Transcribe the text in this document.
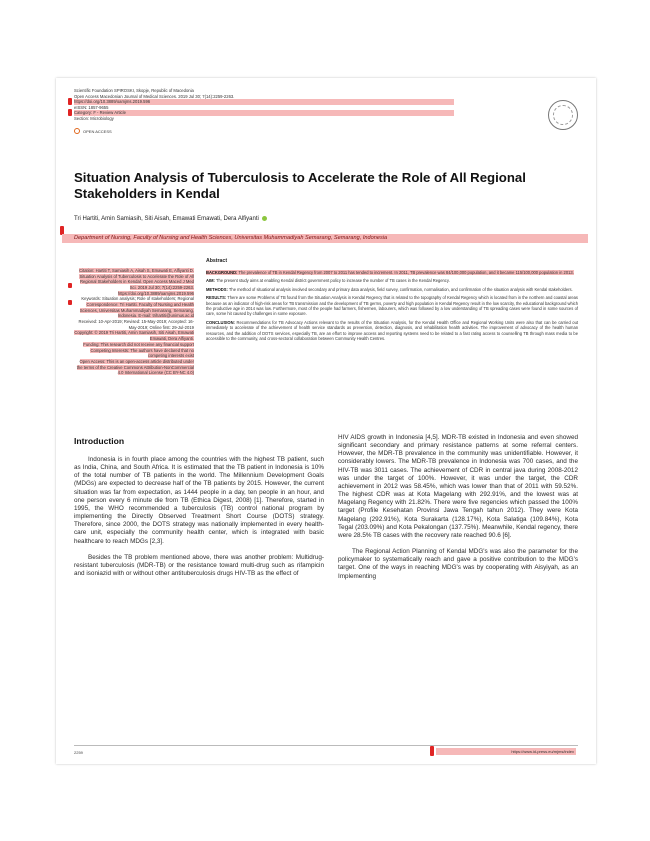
Scientific Foundation SPIROSKI, Skopje, Republic of Macedonia
Open Access Macedonian Journal of Medical Sciences. 2019 Jul 30; 7(14):2259-2263.
https://doi.org/10.3889/oamjms.2019.596
eISSN: 1857-9655
Category: F - Review Article
Section: Microbiology
OPEN ACCESS
Situation Analysis of Tuberculosis to Accelerate the Role of All Regional Stakeholders in Kendal
Tri Hartiti, Amin Samiasih, Siti Aisah, Emawati Emawati, Dera Alfiyanti
Department of Nursing, Faculty of Nursing and Health Sciences, Universitas Muhammadiyah Semarang, Semarang, Indonesia
Citation: Hartiti T, Samiasih A, Aisah S, Emawati E, Alfiyanti D. Situation Analysis of Tuberculosis to Accelerate the Role of All Regional Stakeholders in Kendal. Open Access Maced J Med Sci. 2019 Jul 30; 7(14):2259-2263.
https://doi.org/10.3889/oamjms.2019.596
Keywords: Situation analysis; Role of stakeholders; Regional
Correspondence: Tri Hartiti. Faculty of Nursing and Health Sciences, Universitas Muhammadiyah Semarang, Semarang, Indonesia. E-mail: trihartiti@unimus.ac.id
Received: 10-Apr-2019; Revised: 15-May-2019; Accepted: 16-May-2019; Online first: 29-Jul-2019
Copyright: © 2019 Tri Hartiti, Amin Samiasih, Siti Aisah, Emawati Emawati, Dera Alfiyanti.
Funding: This research did not receive any financial support
Competing Interests: The authors have declared that no competing interests exist
Open Access: This is an open-access article distributed under the terms of the Creative Commons Attribution-NonCommercial 4.0 International License (CC BY-NC 4.0)
Abstract
BACKGROUND: The prevalence of TB in Kendal Regency from 2007 to 2011 has tended to increment. In 2011, TB prevalence was 84/100,000 population, and it became 115/100,000 population in 2013.
AIM: The present study aims at enabling Kendal district government policy to increase the number of TB cases in the Kendal Regency.
METHODS: The method of situational analysis involved secondary and primary data analysis, field survey, confirmation, normalisation, and confirmation of the situation analysis with Kendal stakeholders.
RESULTS: There are some Problems of TB found from the Situation Analysis in Kendal Regency that is related to the topography of Kendal Regency which is located from in the northern and coastal areas because as an indicator of high-risk areas for TB transmission and the development of TB germs, poverty and high population in Kendal Regency result in the low scarcity, the educational background which the productive age in 2014 was low. Furthermore, most of the people had farmers, fishermen, labourers, which was followed by a low understanding of TB spreading cases were found in some sources of care, some hit caused by challenges in some exposure.
CONCLUSION: Recommendations for TB Advocacy Actions relevant to the results of the Situation Analysis, for the Kendal Health Office and Regional Working Units were also that can be carried out immediately to accelerate of the achievement of health service standards as prevention, detection, diagnosis, and rehabilitation health activities. The improvement of advocacy of the health human resources, and the addition of DOTS services, especially TB, are an effort to improve access and reporting systems need to be related to a fast rating access to counselling TB through mass media to be accessible to the community, and cross-sectoral collaboration between Community Health Centres.
Introduction

Indonesia is in fourth place among the countries with the highest TB patient, such as India, China, and South Africa. It is estimated that the TB patient in Indonesia is 10% of the total number of TB patients in the world. The Millennium Development Goals (MDGs) are expected to decrease half of the TB patients by 2015. However, the current situation was far from expectation, as 1444 people in a day, ten people in an hour, and one person every 6 minute die from TB (Ethica Digest, 2008) [1]. Therefore, started in 1995, the WHO recommended a tuberculosis (TB) control national program by implementing the Directly Observed Treatment Short Course (DOTS) strategy. Therefore, since 2000, the DOTS strategy was nationally implemented in every health-care unit, especially the community health center, which is integrated with basic healthcare to reach MDGs [2,3].

Besides the TB problem mentioned above, there was another problem: Multidrug-resistant tuberculosis (MDR-TB) or the resistance toward multi-drug such as rifampicin and isoniazid with or without other antituberculosis drugs HIV-TB as the effect of

HIV AIDS growth in Indonesia [4,5]. MDR-TB existed in Indonesia and even showed significant secondary and primary resistance patterns at some referral centers. However, the MDR-TB prevalence in the community was unidentifiable. However, it considerably lowers. The MDR-TB prevalence in Indonesia was 700 cases, and the HIV-TB was 3011 cases. The achievement of CDR in central java during 2008-2012 was under the target of 100%. However, it was under the target, the CDR achievement in 2012 was 58.45%, which was lower than that of 2011 with 59.52%. The highest CDR was at Kota Magelang with 292.91%, and the lowest was at Magelang Regency with 21.82%. There were five regencies which passed the 100% target (Profile Kesehatan Provinsi Jawa Tengah tahun 2012). They were Kota Magelang (292.91%), Kota Surakarta (128.17%), Kota Salatiga (109.84%), Kota Tegal (203.09%) and Kota Pekalongan (137.75%). Meanwhile, Kendal regency, there were 28.5% TB cases with the recovery rate reached 90.6 [6].

The Regional Action Planning of Kendal MDG's was also the parameter for the policymaker to systematically reach and gave a positive contribution to the MDG's target. One of the ways in reaching MDG's was by cooperating with Aisyiyah, as an Implementing

2259	https://www.id-press.eu/mjms/index
